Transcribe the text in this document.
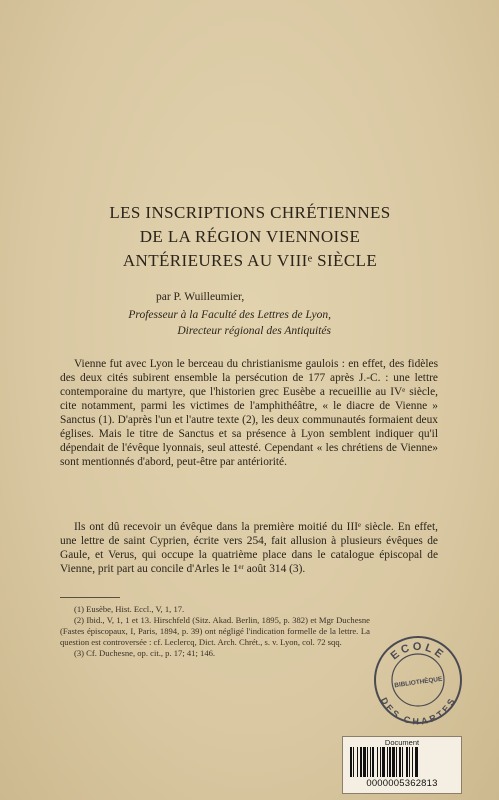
LES INSCRIPTIONS CHRÉTIENNES
DE LA RÉGION VIENNOISE
ANTÉRIEURES AU VIIIᵉ SIÈCLE
par P. Wuilleumier,
Professeur à la Faculté des Lettres de Lyon,
Directeur régional des Antiquités

Vienne fut avec Lyon le berceau du christianisme gaulois : en effet, des fidèles des deux cités subirent ensemble la persécution de 177 après J.-C. : une lettre contemporaine du martyre, que l'historien grec Eusèbe a recueillie au IVᵉ siècle, cite notamment, parmi les victimes de l'amphithéâtre, « le diacre de Vienne » Sanctus (1). D'après l'un et l'autre texte (2), les deux communautés formaient deux églises. Mais le titre de Sanctus et sa présence à Lyon semblent indiquer qu'il dépendait de l'évêque lyonnais, seul attesté. Cependant « les chrétiens de Vienne» sont mentionnés d'abord, peut-être par antériorité.

Ils ont dû recevoir un évêque dans la première moitié du IIIᵉ siècle. En effet, une lettre de saint Cyprien, écrite vers 254, fait allusion à plusieurs évêques de Gaule, et Verus, qui occupe la quatrième place dans le catalogue épiscopal de Vienne, prit part au concile d'Arles le 1ᵉʳ août 314 (3).

(1) Eusèbe, Hist. Eccl., V, 1, 17.

(2) Ibid., V, 1, 1 et 13. Hirschfeld (Sitz. Akad. Berlin, 1895, p. 382) et Mgr Duchesne (Fastes épiscopaux, I, Paris, 1894, p. 39) ont négligé l'indication formelle de la lettre. La question est controversée : cf. Leclercq, Dict. Arch. Chrét., s. v. Lyon, col. 72 sqq.

(3) Cf. Duchesne, op. cit., p. 17; 41; 146.	ECOLE
DES CHARTES
BIBLIOTHÈQUE
Document
0000005362813
